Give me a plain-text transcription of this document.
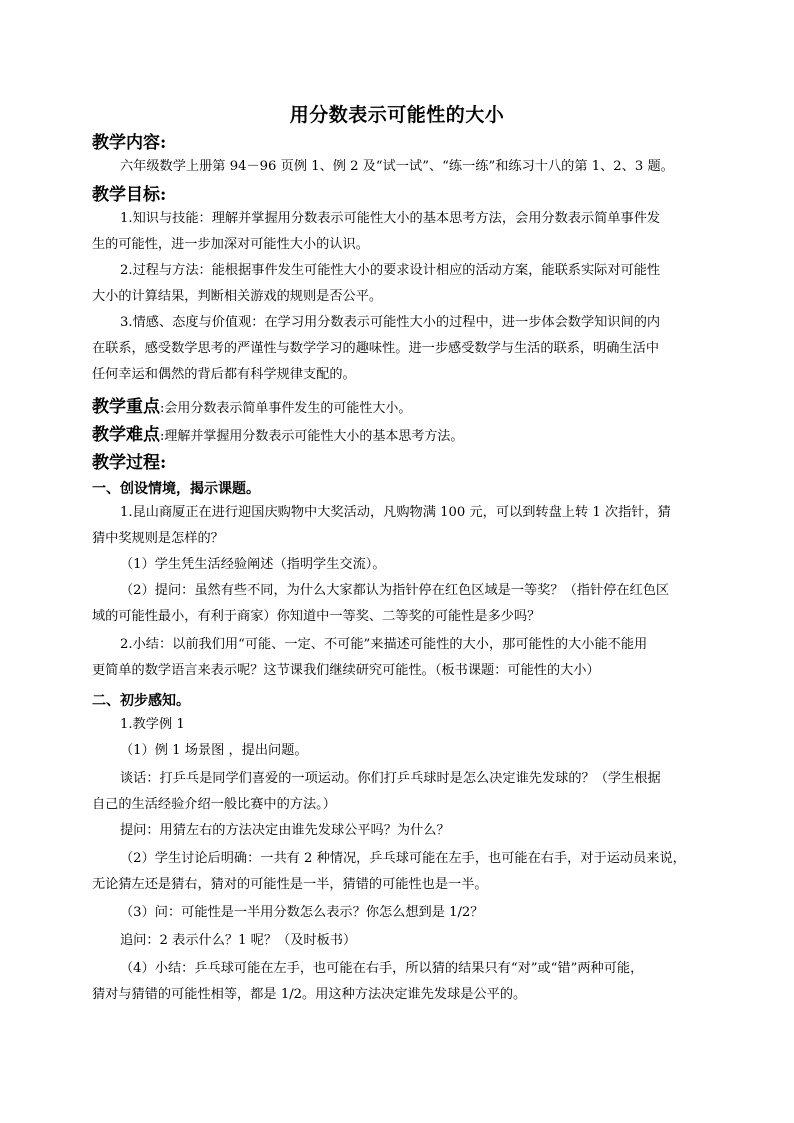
用分数表示可能性的大小
教学内容:
六年级数学上册第 94－96 页例 1、例 2 及“试一试”、“练一练”和练习十八的第 1、2、3 题。
教学目标:
1.知识与技能：理解并掌握用分数表示可能性大小的基本思考方法，会用分数表示简单事件发
生的可能性，进一步加深对可能性大小的认识。
2.过程与方法：能根据事件发生可能性大小的要求设计相应的活动方案，能联系实际对可能性
大小的计算结果，判断相关游戏的规则是否公平。
3.情感、态度与价值观：在学习用分数表示可能性大小的过程中，进一步体会数学知识间的内
在联系，感受数学思考的严谨性与数学学习的趣味性。进一步感受数学与生活的联系，明确生活中
任何幸运和偶然的背后都有科学规律支配的。
教学重点:会用分数表示简单事件发生的可能性大小。
教学难点:理解并掌握用分数表示可能性大小的基本思考方法。
教学过程:
一、创设情境，揭示课题。
1.昆山商厦正在进行迎国庆购物中大奖活动，凡购物满 100 元，可以到转盘上转 1 次指针，猜
猜中奖规则是怎样的？
（1）学生凭生活经验阐述（指明学生交流）。
（2）提问：虽然有些不同，为什么大家都认为指针停在红色区域是一等奖？（指针停在红色区
域的可能性最小，有利于商家）你知道中一等奖、二等奖的可能性是多少吗？
2.小结：以前我们用“可能、一定、不可能”来描述可能性的大小，那可能性的大小能不能用
更简单的数学语言来表示呢？这节课我们继续研究可能性。（板书课题：可能性的大小）
二、初步感知。
1.教学例 1
（1）例 1 场景图 ，提出问题。
谈话：打乒乓是同学们喜爱的一项运动。你们打乒乓球时是怎么决定谁先发球的？（学生根据
自己的生活经验介绍一般比赛中的方法。）
提问：用猜左右的方法决定由谁先发球公平吗？为什么？
（2）学生讨论后明确：一共有 2 种情况，乒乓球可能在左手，也可能在右手，对于运动员来说，
无论猜左还是猜右，猜对的可能性是一半，猜错的可能性也是一半。
（3）问：可能性是一半用分数怎么表示？你怎么想到是 1/2？
追问：2 表示什么？1 呢？（及时板书）
（4）小结：乒乓球可能在左手，也可能在右手，所以猜的结果只有“对”或“错”两种可能，
猜对与猜错的可能性相等，都是 1/2。用这种方法决定谁先发球是公平的。
